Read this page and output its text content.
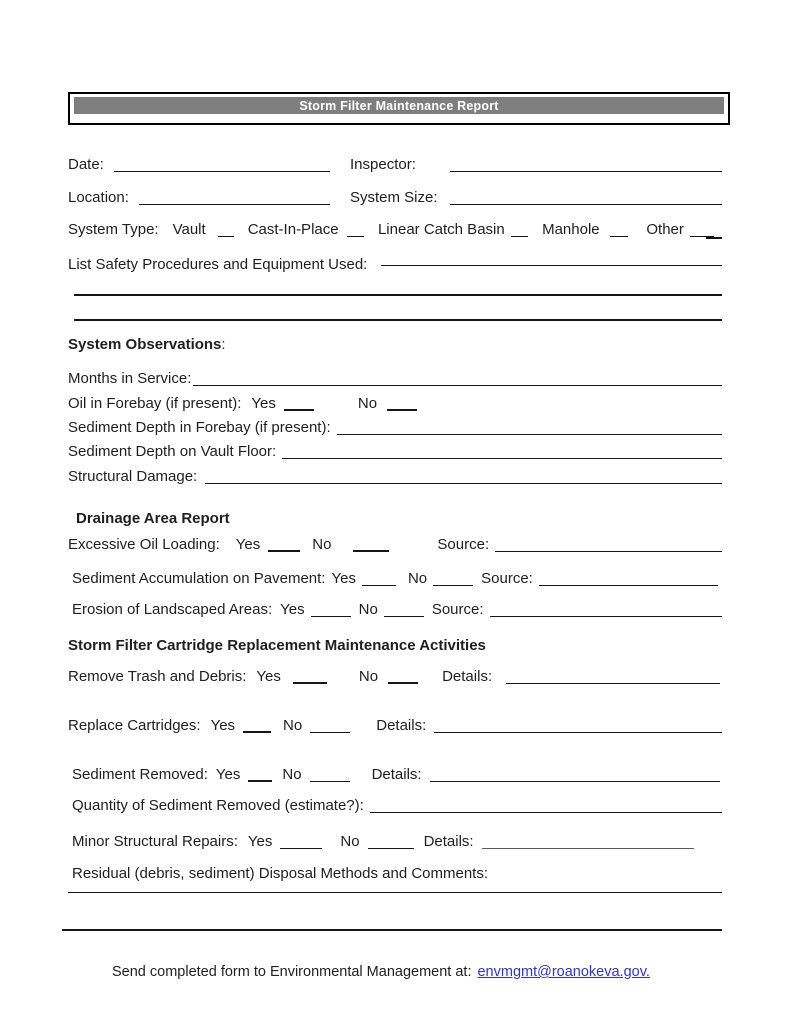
Storm Filter Maintenance Report
Date:	Inspector:
Location:	System Size:
System Type: Vault	Cast-In-Place	Linear Catch Basin Manhole	Other
List Safety Procedures and Equipment Used:
System Observations :
Months in Service:
Oil in Forebay (if present): Yes	No
Sediment Depth in Forebay (if present):
Sediment Depth on Vault Floor:
Structural Damage:
Drainage Area Report
Excessive Oil Loading: Yes	No	Source:
Sediment Accumulation on Pavement: Yes	No	Source:
Erosion of Landscaped Areas: Yes	No	Source:
Storm Filter Cartridge Replacement Maintenance Activities
Remove Trash and Debris: Yes	No	Details:
Replace Cartridges: Yes	No	Details:
Sediment Removed: Yes	No	Details:
Quantity of Sediment Removed (estimate?):
Minor Structural Repairs: Yes	No	Details:
Residual (debris, sediment) Disposal Methods and Comments:
Send completed form to Environmental Management at: envmgmt@roanokeva.gov.
